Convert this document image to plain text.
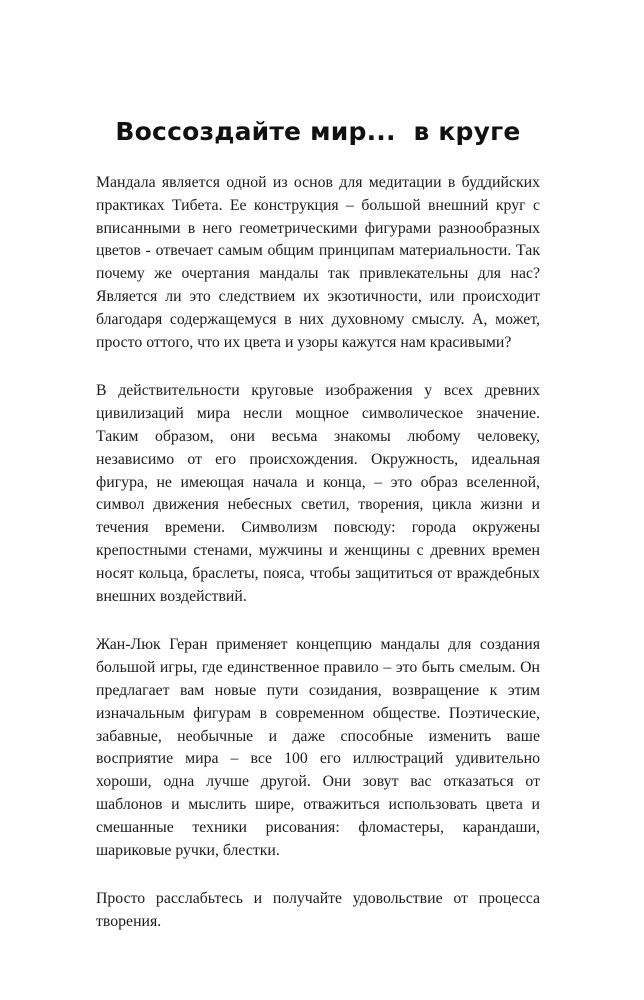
Воссоздайте мир...  в круге

Мандала является одной из основ для медитации в буддийских практиках Тибета. Ее конструкция – большой внешний круг с вписанными в него геометрическими фигурами разнообразных цветов - отвечает самым общим принципам материальности. Так почему же очертания мандалы так привлекательны для нас? Является ли это следствием их экзотичности, или происходит благодаря содержащемуся в них духовному смыслу. А, может, просто оттого, что их цвета и узоры кажутся нам красивыми?

В действительности круговые изображения у всех древних цивилизаций мира несли мощное символическое значение. Таким образом, они весьма знакомы любому человеку, независимо от его происхождения. Окружность, идеальная фигура, не имеющая начала и конца, – это образ вселенной, символ движения небесных светил, творения, цикла жизни и течения времени. Символизм повсюду: города окружены крепостными стенами, мужчины и женщины с древних времен носят кольца, браслеты, пояса, чтобы защититься от враждебных внешних воздействий.

Жан-Люк Геран применяет концепцию мандалы для создания большой игры, где единственное правило – это быть смелым. Он предлагает вам новые пути созидания, возвращение к этим изначальным фигурам в современном обществе. Поэтические, забавные, необычные и даже способные изменить ваше восприятие мира – все 100 его иллюстраций удивительно хороши, одна лучше другой. Они зовут вас отказаться от шаблонов и мыслить шире, отважиться использовать цвета и смешанные техники рисования: фломастеры, карандаши, шариковые ручки, блестки.

Просто расслабьтесь и получайте удовольствие от процесса творения.
